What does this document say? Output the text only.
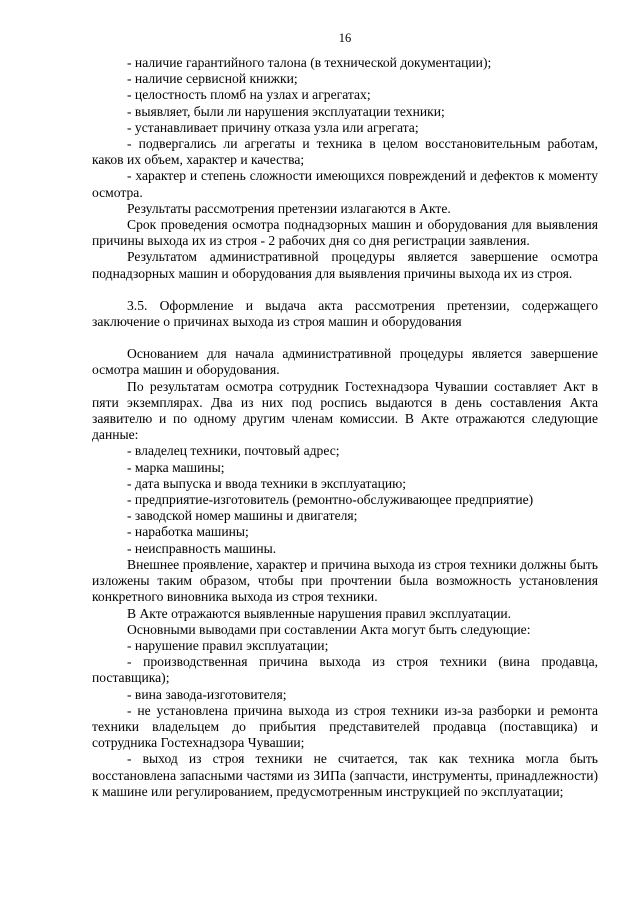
16

- наличие гарантийного талона (в технической документации);

- наличие сервисной книжки;

- целостность пломб на узлах и агрегатах;

- выявляет, были ли нарушения эксплуатации техники;

- устанавливает причину отказа узла или агрегата;

- подвергались ли агрегаты и техника в целом восстановительным работам, каков их объем, характер и качества;

- характер и степень сложности имеющихся повреждений и дефектов к моменту осмотра.

Результаты рассмотрения претензии излагаются в Акте.

Срок проведения осмотра поднадзорных машин и оборудования для выявления причины выхода их из строя - 2 рабочих дня со дня регистрации заявления.

Результатом административной процедуры является завершение осмотра поднадзорных машин и оборудования для выявления причины выхода их из строя.

3.5. Оформление и выдача акта рассмотрения претензии, содержащего заключение о причинах выхода из строя машин и оборудования

Основанием для начала административной процедуры является завершение осмотра машин и оборудования.

По результатам осмотра сотрудник Гостехнадзора Чувашии составляет Акт в пяти экземплярах. Два из них под роспись выдаются в день составления Акта заявителю и по одному другим членам комиссии. В Акте отражаются следующие данные:

- владелец техники, почтовый адрес;

- марка машины;

- дата выпуска и ввода техники в эксплуатацию;

- предприятие-изготовитель (ремонтно-обслуживающее предприятие)

- заводской номер машины и двигателя;

- наработка машины;

- неисправность машины.

Внешнее проявление, характер и причина выхода из строя техники должны быть изложены таким образом, чтобы при прочтении была возможность установления конкретного виновника выхода из строя техники.

В Акте отражаются выявленные нарушения правил эксплуатации.

Основными выводами при составлении Акта могут быть следующие:

- нарушение правил эксплуатации;

- производственная причина выхода из строя техники (вина продавца, поставщика);

- вина завода-изготовителя;

- не установлена причина выхода из строя техники из-за разборки и ремонта техники владельцем до прибытия представителей продавца (поставщика) и сотрудника Гостехнадзора Чувашии;

- выход из строя техники не считается, так как техника могла быть восстановлена запасными частями из ЗИПа (запчасти, инструменты, принадлежности) к машине или регулированием, предусмотренным инструкцией по эксплуатации;
